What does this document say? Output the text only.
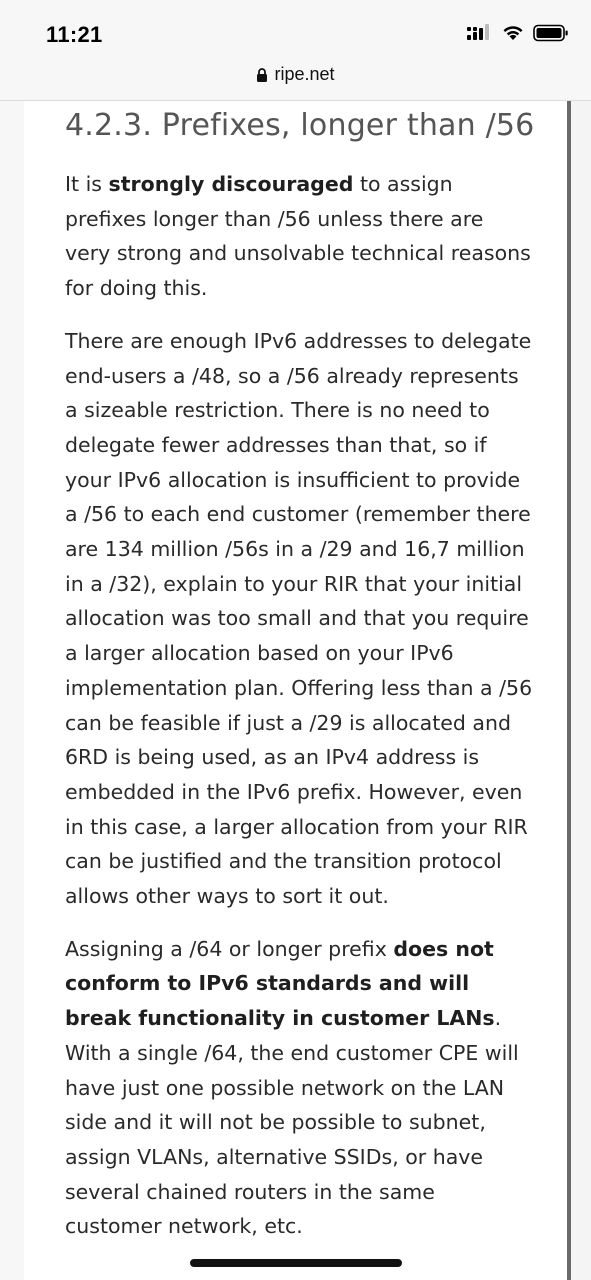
11:21
ripe.net
4.2.3. Prefixes, longer than /56

It is strongly discouraged to assign prefixes longer than /56 unless there are very strong and unsolvable technical reasons for doing this.

There are enough IPv6 addresses to delegate end-users a /48, so a /56 already represents a sizeable restriction. There is no need to delegate fewer addresses than that, so if your IPv6 allocation is insufficient to provide a /56 to each end customer (remember there are 134 million /56s in a /29 and 16,7 million in a /32), explain to your RIR that your initial allocation was too small and that you require a larger allocation based on your IPv6 implementation plan. Offering less than a /56 can be feasible if just a /29 is allocated and 6RD is being used, as an IPv4 address is embedded in the IPv6 prefix. However, even in this case, a larger allocation from your RIR can be justified and the transition protocol allows other ways to sort it out.

Assigning a /64 or longer prefix does not conform to IPv6 standards and will break functionality in customer LANs. With a single /64, the end customer CPE will have just one possible network on the LAN side and it will not be possible to subnet, assign VLANs, alternative SSIDs, or have several chained routers in the same customer network, etc.
